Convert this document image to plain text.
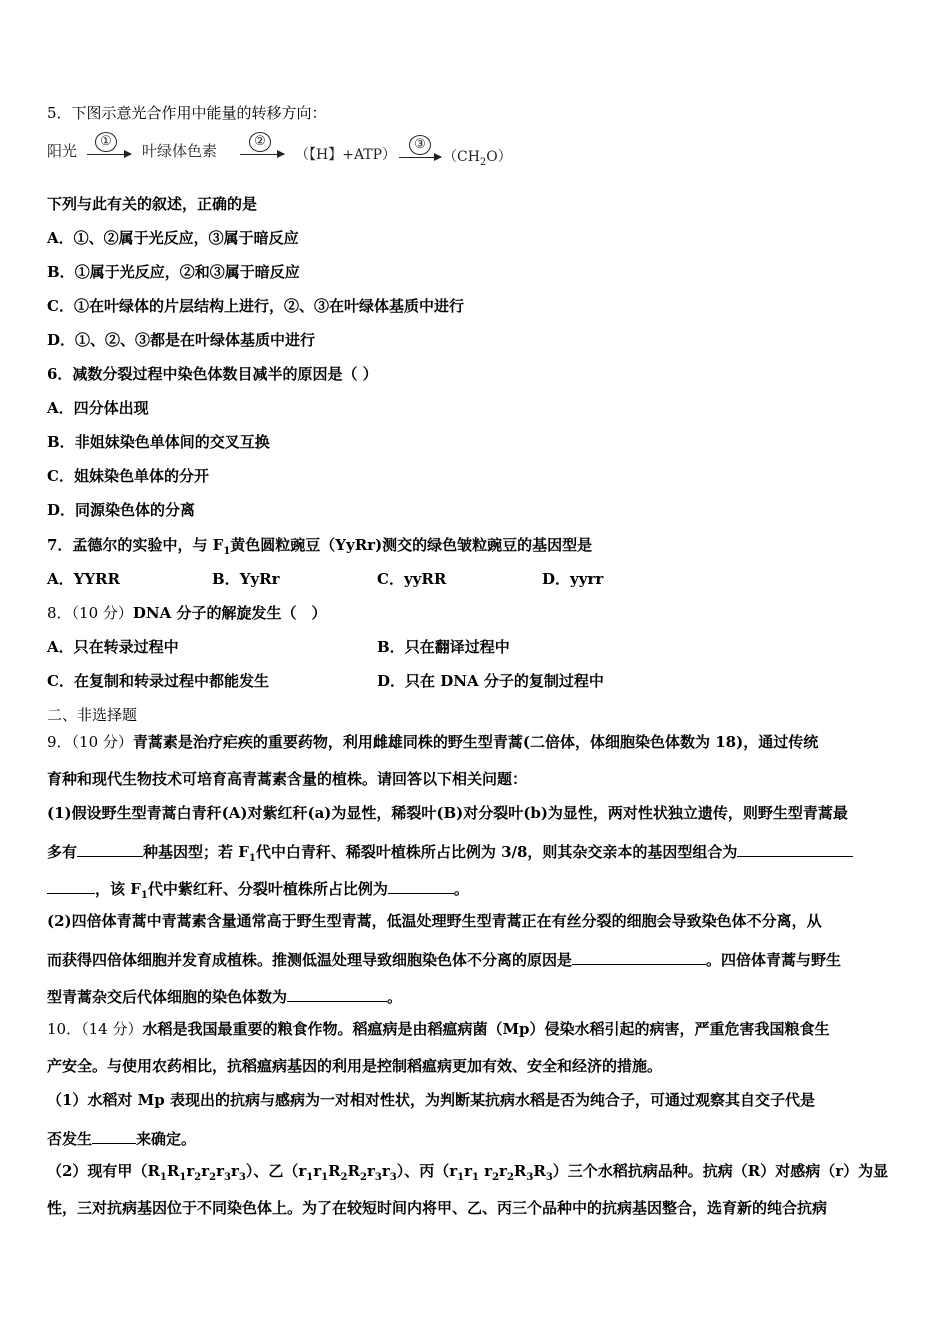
5．下图示意光合作用中能量的转移方向：
阳光
①
叶绿体色素
②
（【H】+ATP）
③
$(CH_2O)$
下列与此有关的叙述，正确的是
A．①、②属于光反应，③属于暗反应
B．①属于光反应，②和③属于暗反应
C．①在叶绿体的片层结构上进行，②、③在叶绿体基质中进行
D．①、②、③都是在叶绿体基质中进行
6．减数分裂过程中染色体数目减半的原因是（ ）
A．四分体出现
B．非姐妹染色单体间的交叉互换
C．姐妹染色单体的分开
D．同源染色体的分离
7．孟德尔的实验中，与 $F_1$黄色圆粒豌豆（YyRr)测交的绿色皱粒豌豆的基因型是
A．YYRR	B．YyRr	C．yyRR	D．yyrr
8．（10 分）DNA 分子的解旋发生（　）
A．只在转录过程中	B．只在翻译过程中
C．在复制和转录过程中都能发生	D．只在 DNA 分子的复制过程中
二、非选择题
9．（10 分）青蒿素是治疗疟疾的重要药物，利用雌雄同株的野生型青蒿(二倍体，体细胞染色体数为 18)，通过传统
育种和现代生物技术可培育高青蒿素含量的植株。请回答以下相关问题：
(1)假设野生型青蒿白青秆(A)对紫红秆(a)为显性，稀裂叶(B)对分裂叶(b)为显性，两对性状独立遗传，则野生型青蒿最
多有	种基因型；若 $F_1$代中白青秆、稀裂叶植株所占比例为 3/8，则其杂交亲本的基因型组合为
，该 $F_1$代中紫红秆、分裂叶植株所占比例为	。
(2)四倍体青蒿中青蒿素含量通常高于野生型青蒿，低温处理野生型青蒿正在有丝分裂的细胞会导致染色体不分离，从
而获得四倍体细胞并发育成植株。推测低温处理导致细胞染色体不分离的原因是	。四倍体青蒿与野生
型青蒿杂交后代体细胞的染色体数为	。
10．（14 分）水稻是我国最重要的粮食作物。稻瘟病是由稻瘟病菌（Mp）侵染水稻引起的病害，严重危害我国粮食生
产安全。与使用农药相比，抗稻瘟病基因的利用是控制稻瘟病更加有效、安全和经济的措施。
（1）水稻对 Mp 表现出的抗病与感病为一对相对性状，为判断某抗病水稻是否为纯合子，可通过观察其自交子代是
否发生	来确定。
（2）现有甲$(R_1R_1r_2r_2r_3r_3)$、乙$(r_1r_1R_2R_2r_3r_3)$、丙（$r_1r_1$ $r_2r_2R_3R_3$）三个水稻抗病品种。抗病（R）对感病（r）为显
性，三对抗病基因位于不同染色体上。为了在较短时间内将甲、乙、丙三个品种中的抗病基因整合，选育新的纯合抗病
